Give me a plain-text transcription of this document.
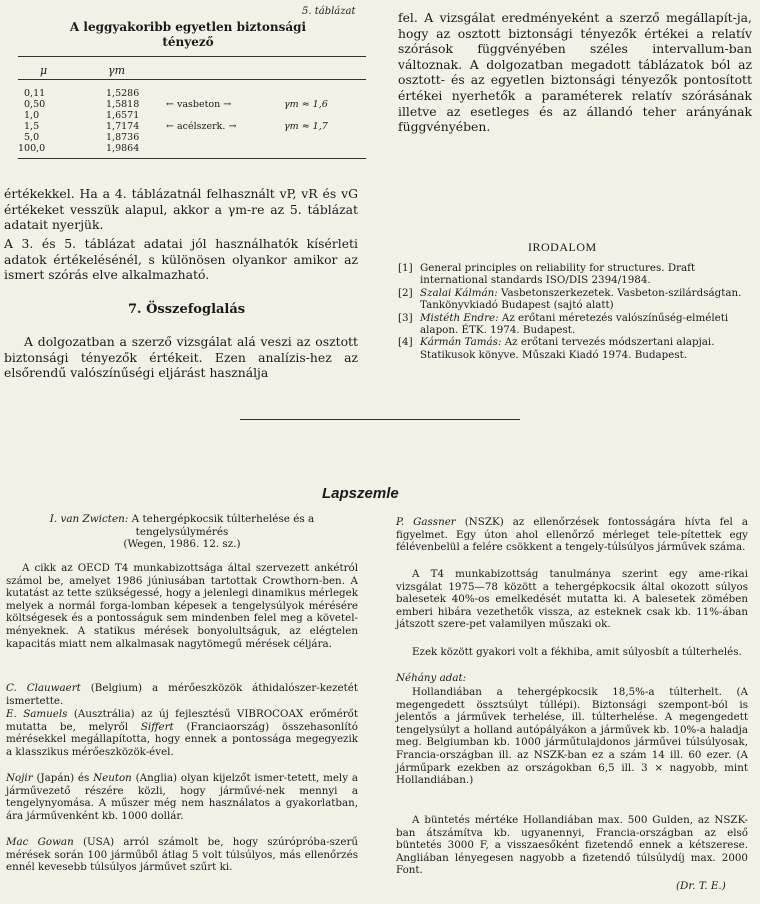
5. táblázat
A leggyakoribb egyetlen biztonsági tényező
μ	γm
0,11	1,5286
0,50	1,5818	← vasbeton →	γm ≈ 1,6
1,0	1,6571
1,5	1,7174	← acélszerk. →	γm ≈ 1,7
5,0	1,8736
100,0	1,9864
értékekkel. Ha a 4. táblázatnál felhasznált vP, vR és vG értékeket vesszük alapul, akkor a γm-re az 5. táblázat adatait nyerjük.
A 3. és 5. táblázat adatai jól használhatók kísérleti adatok értékelésénél, s különösen olyankor amikor az ismert szórás elve alkalmazható.
7. Összefoglalás
A dolgozatban a szerző vizsgálat alá veszi az osztott biztonsági tényezők értékeit. Ezen analízis-hez az elsőrendű valószínűségi eljárást használja
fel. A vizsgálat eredményeként a szerző megállapít-ja, hogy az osztott biztonsági tényezők értékei a relatív szórások függvényében széles intervallum-ban változnak. A dolgozatban megadott táblázatok ból az osztott- és az egyetlen biztonsági tényezők pontosított értékei nyerhetők a paraméterek relatív szórásának illetve az esetleges és az állandó teher arányának függvényében.
IRODALOM
[1] General principles on reliability for structures. Draft international standards ISO/DIS 2394/1984.
[2] Szalai Kálmán: Vasbetonszerkezetek. Vasbeton-szilárdságtan. Tankönyvkiadó Budapest (sajtó alatt)
[3] Mistéth Endre: Az erőtani méretezés valószínűség-elméleti alapon. ÉTK. 1974. Budapest.
[4] Kármán Tamás: Az erőtani tervezés módszertani alapjai. Statikusok könyve. Műszaki Kiadó 1974. Budapest.
Lapszemle
I. van Zwicten: A tehergépkocsik túlterhelése és a tengelysúlymérés
(Wegen, 1986. 12. sz.)
A cikk az OECD T4 munkabizottsága által szervezett ankétról számol be, amelyet 1986 júniusában tartottak Crowthorn-ben. A kutatást az tette szükségessé, hogy a jelenlegi dinamikus mérlegek melyek a normál forga-lomban képesek a tengelysúlyok mérésére költségesek és a pontosságuk sem mindenben felel meg a követel-ményeknek. A statikus mérések bonyolultságuk, az elégtelen kapacitás miatt nem alkalmasak nagytömegű mérések céljára.
C. Clauwaert (Belgium) a mérőeszközök áthidalószer-kezetét ismertette.
E. Samuels (Ausztrália) az új fejlesztésű VIBROCOAX erőmérőt mutatta be, melyről Siffert (Franciaország) összehasonlító mérésekkel megállapította, hogy ennek a pontossága megegyezik a klasszikus mérőeszközök-ével.
Nojir (Japán) és Neuton (Anglia) olyan kijelzőt ismer-tetett, mely a járművezető részére közli, hogy járművé-nek mennyi a tengelynyomása. A műszer még nem használatos a gyakorlatban, ára járművenként kb. 1000 dollár.
Mac Gowan (USA) arról számolt be, hogy szúrópróba-szerű mérések során 100 járműből átlag 5 volt túlsúlyos, más ellenőrzés ennél kevesebb túlsúlyos járművet szűrt ki.
P. Gassner (NSZK) az ellenőrzések fontosságára hívta fel a figyelmet. Egy úton ahol ellenőrző mérleget tele-pítettek egy félévenbelül a felére csökkent a tengely-túlsúlyos járművek száma.
A T4 munkabizottság tanulmánya szerint egy ame-rikai vizsgálat 1975—78 között a tehergépkocsik által okozott súlyos balesetek 40%-os emelkedését mutatta ki. A balesetek zömében emberi hibára vezethetők vissza, az esteknek csak kb. 11%-ában játszott szere-pet valamilyen műszaki ok.
Ezek között gyakori volt a fékhiba, amit súlyosbít a túlterhelés.
Néhány adat:
Hollandiában a tehergépkocsik 18,5%-a túlterhelt. (A megengedett össztsúlyt túllépi). Biztonsági szempont-ból is jelentős a járművek terhelése, ill. túlterhelése. A megengedett tengelysúlyt a holland autópályákon a járművek kb. 10%-a haladja meg. Belgiumban kb. 1000 járműtulajdonos járművei túlsúlyosak, Francia-országban ill. az NSZK-ban ez a szám 14 ill. 60 ezer. (A járműpark ezekben az országokban 6,5 ill. 3 × nagyobb, mint Hollandiában.)
A büntetés mértéke Hollandiában max. 500 Gulden, az NSZK-ban átszámítva kb. ugyanennyi, Francia-országban az első büntetés 3000 F, a visszaesőként fizetendő ennek a kétszerese. Angliában lényegesen nagyobb a fizetendő túlsúlydíj max. 2000 Font.
(Dr. T. E.)
